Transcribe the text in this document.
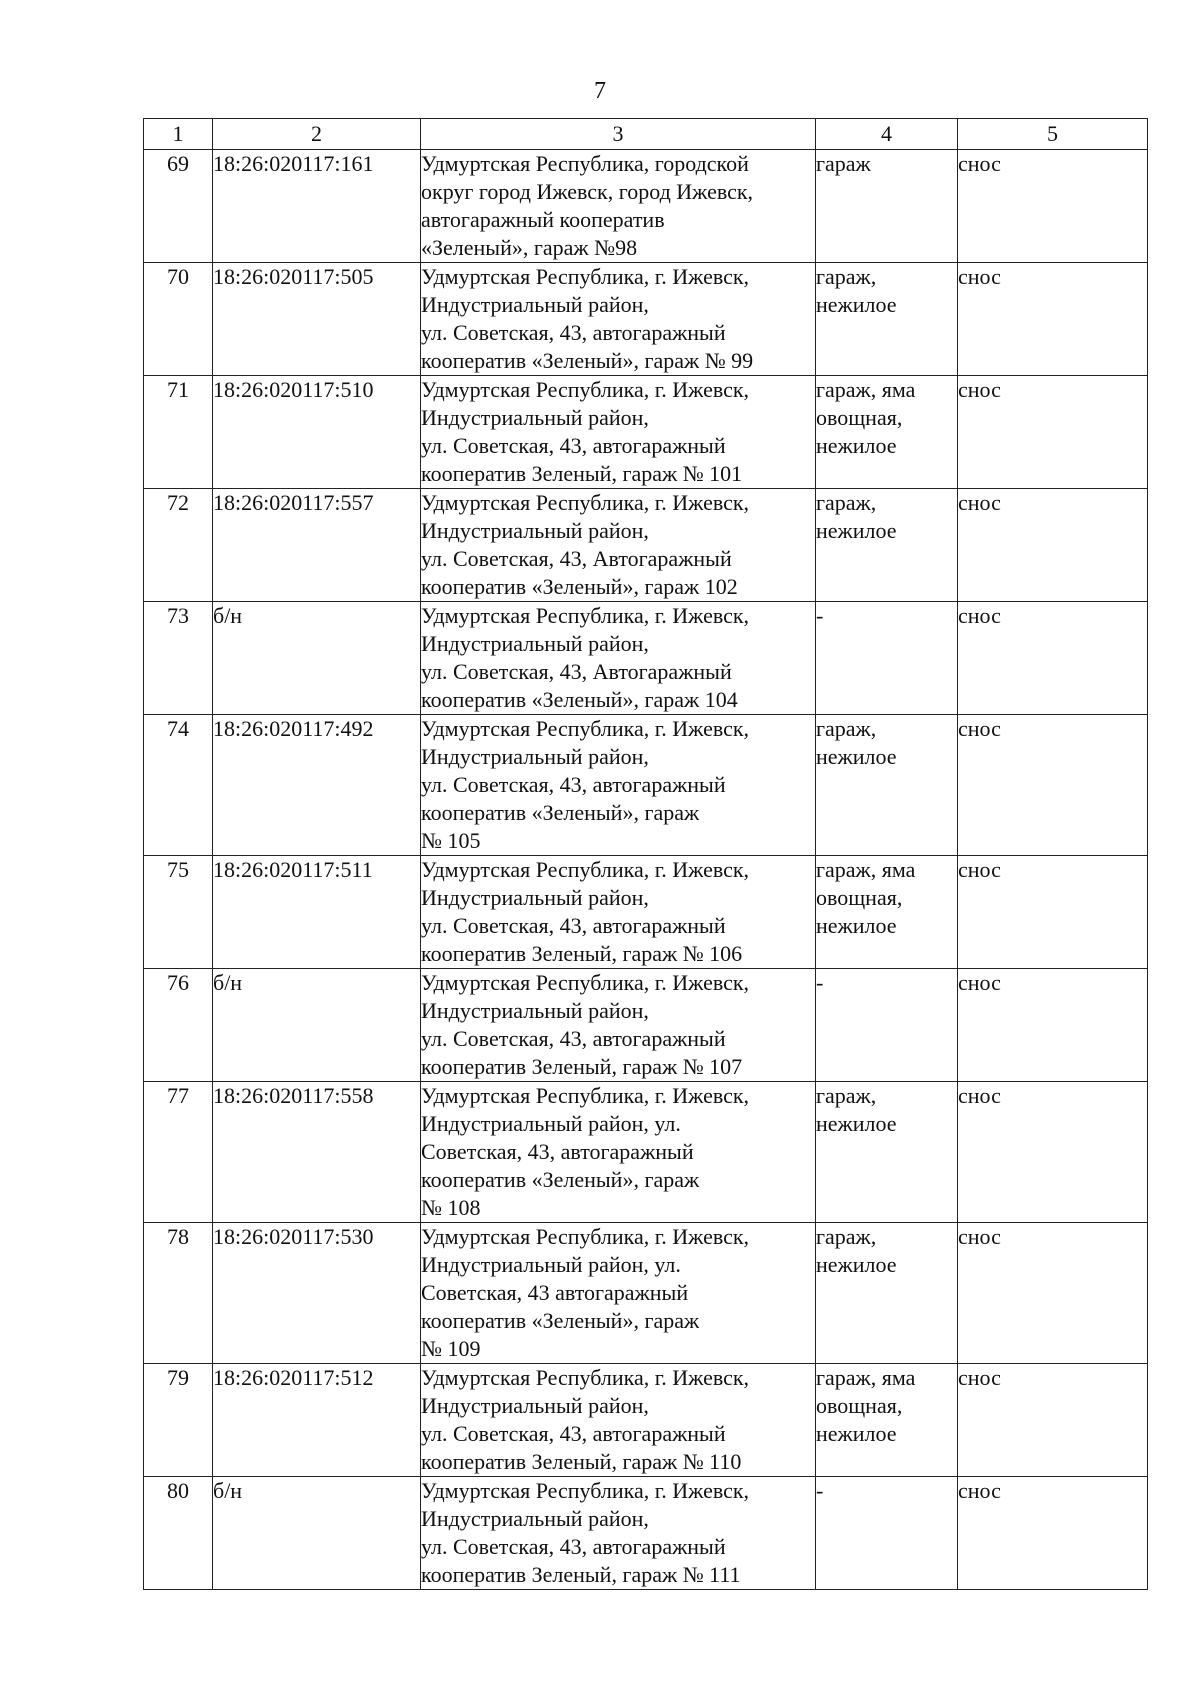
7
1	2	3	4	5
69	18:26:020117:161	Удмуртская Республика, городской
округ город Ижевск, город Ижевск,
автогаражный кооператив
«Зеленый», гараж №98	гараж	снос
70	18:26:020117:505	Удмуртская Республика, г. Ижевск,
Индустриальный район,
ул. Советская, 43, автогаражный
кооператив «Зеленый», гараж № 99	гараж,
нежилое	снос
71	18:26:020117:510	Удмуртская Республика, г. Ижевск,
Индустриальный район,
ул. Советская, 43, автогаражный
кооператив Зеленый, гараж № 101	гараж, яма
овощная,
нежилое	снос
72	18:26:020117:557	Удмуртская Республика, г. Ижевск,
Индустриальный район,
ул. Советская, 43, Автогаражный
кооператив «Зеленый», гараж 102	гараж,
нежилое	снос
73	б/н	Удмуртская Республика, г. Ижевск,
Индустриальный район,
ул. Советская, 43, Автогаражный
кооператив «Зеленый», гараж 104	-	снос
74	18:26:020117:492	Удмуртская Республика, г. Ижевск,
Индустриальный район,
ул. Советская, 43, автогаражный
кооператив «Зеленый», гараж
№ 105	гараж,
нежилое	снос
75	18:26:020117:511	Удмуртская Республика, г. Ижевск,
Индустриальный район,
ул. Советская, 43, автогаражный
кооператив Зеленый, гараж № 106	гараж, яма
овощная,
нежилое	снос
76	б/н	Удмуртская Республика, г. Ижевск,
Индустриальный район,
ул. Советская, 43, автогаражный
кооператив Зеленый, гараж № 107	-	снос
77	18:26:020117:558	Удмуртская Республика, г. Ижевск,
Индустриальный район, ул.
Советская, 43, автогаражный
кооператив «Зеленый», гараж
№ 108	гараж,
нежилое	снос
78	18:26:020117:530	Удмуртская Республика, г. Ижевск,
Индустриальный район, ул.
Советская, 43 автогаражный
кооператив «Зеленый», гараж
№ 109	гараж,
нежилое	снос
79	18:26:020117:512	Удмуртская Республика, г. Ижевск,
Индустриальный район,
ул. Советская, 43, автогаражный
кооператив Зеленый, гараж № 110	гараж, яма
овощная,
нежилое	снос
80	б/н	Удмуртская Республика, г. Ижевск,
Индустриальный район,
ул. Советская, 43, автогаражный
кооператив Зеленый, гараж № 111	-	снос
